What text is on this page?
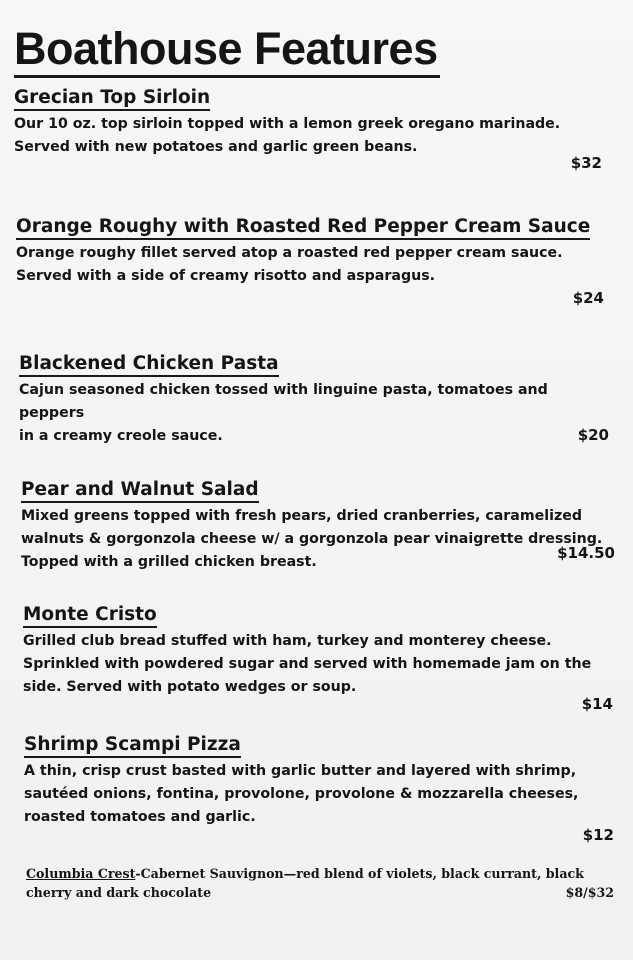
Boathouse Features
Grecian Top Sirloin

Our 10 oz. top sirloin topped with a lemon greek oregano marinade.
Served with new potatoes and garlic green beans.

$32
Orange Roughy with Roasted Red Pepper Cream Sauce

Orange roughy fillet served atop a roasted red pepper cream sauce.
Served with a side of creamy risotto and asparagus.

$24
Blackened Chicken Pasta

Cajun seasoned chicken tossed with linguine pasta, tomatoes and peppers
in a creamy creole sauce.	$20
Pear and Walnut Salad

Mixed greens topped with fresh pears, dried cranberries, caramelized
walnuts & gorgonzola cheese w/ a gorgonzola pear vinaigrette dressing.
Topped with a grilled chicken breast.	$14.50
Monte Cristo

Grilled club bread stuffed with ham, turkey and monterey cheese.
Sprinkled with powdered sugar and served with homemade jam on the
side. Served with potato wedges or soup.

$14
Shrimp Scampi Pizza

A thin, crisp crust basted with garlic butter and layered with shrimp,
sautéed onions, fontina, provolone, provolone & mozzarella cheeses,
roasted tomatoes and garlic.

$12
Columbia Crest-Cabernet Sauvignon—red blend of violets, black currant, black
cherry and dark chocolate	$8/$32
